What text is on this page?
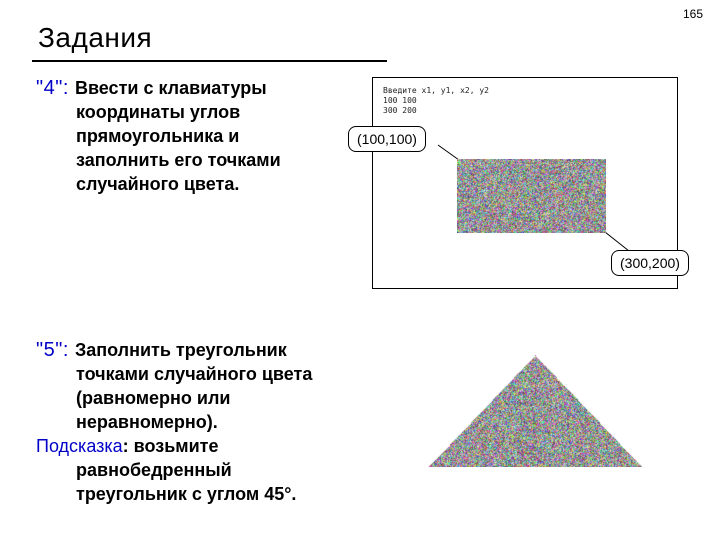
165
Задания
"4": Ввести с клавиатуры
координаты углов
прямоугольника и
заполнить его точками
случайного цвета.
Введите x1, y1, x2, y2
100 100
300 200
(100,100)
(300,200)
"5": Заполнить треугольник
точками случайного цвета
(равномерно или
неравномерно).
Подсказка: возьмите
равнобедренный
треугольник с углом 45°.
